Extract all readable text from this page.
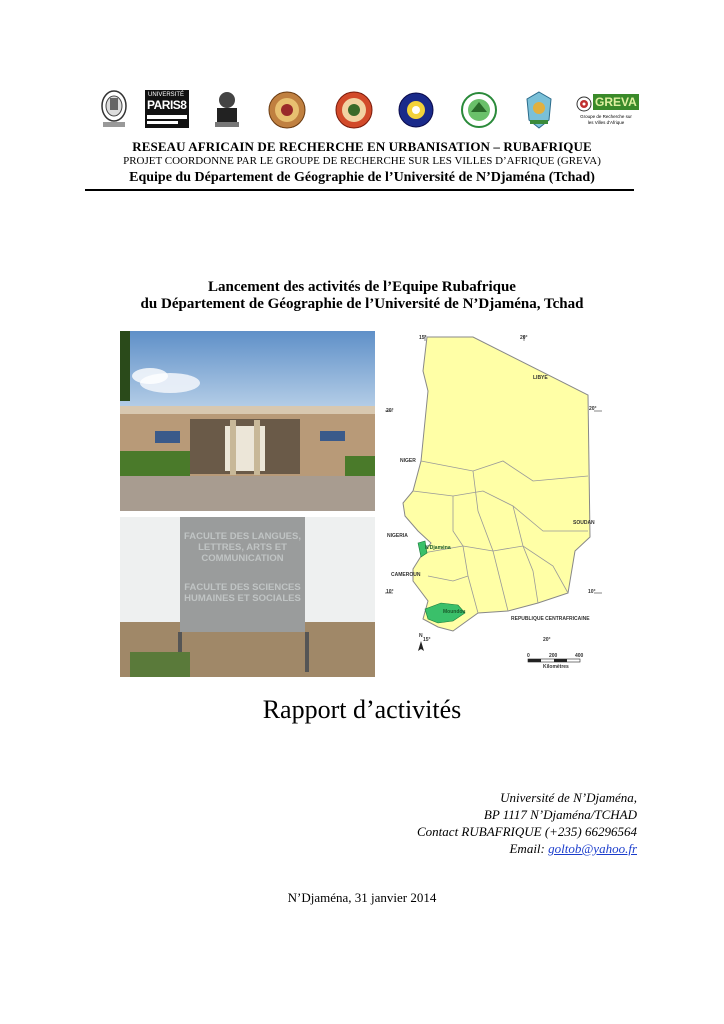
UNIVERSITÉ
PARIS8	GREVA
Groupe de Recherche sur
les Villes d'Afrique
RESEAU AFRICAIN DE RECHERCHE EN URBANISATION – RUBAFRIQUE
PROJET COORDONNE PAR LE GROUPE DE RECHERCHE SUR LES VILLES D’AFRIQUE (GREVA)
Equipe du Département de Géographie de l’Université de N’Djaména (Tchad)
Lancement des activités de l’Equipe Rubafrique
du Département de Géographie de l’Université de N’Djaména, Tchad
FACULTE DES LANGUES,
LETTRES, ARTS ET
COMMUNICATION
FACULTE DES SCIENCES
HUMAINES ET SOCIALES
15°	20°
20°	20°
10°	10°
15°	20°
LIBYE
NIGER
SOUDAN
NIGERIA
N'Djaména
CAMEROUN
Moundou
REPUBLIQUE CENTRAFRICAINE
N
0	200	400
Kilomètres
Rapport d’activités
Université de N’Djaména,
BP 1117 N’Djaména/TCHAD
Contact RUBAFRIQUE (+235) 66296564
Email: goltob@yahoo.fr
N’Djaména, 31 janvier 2014
